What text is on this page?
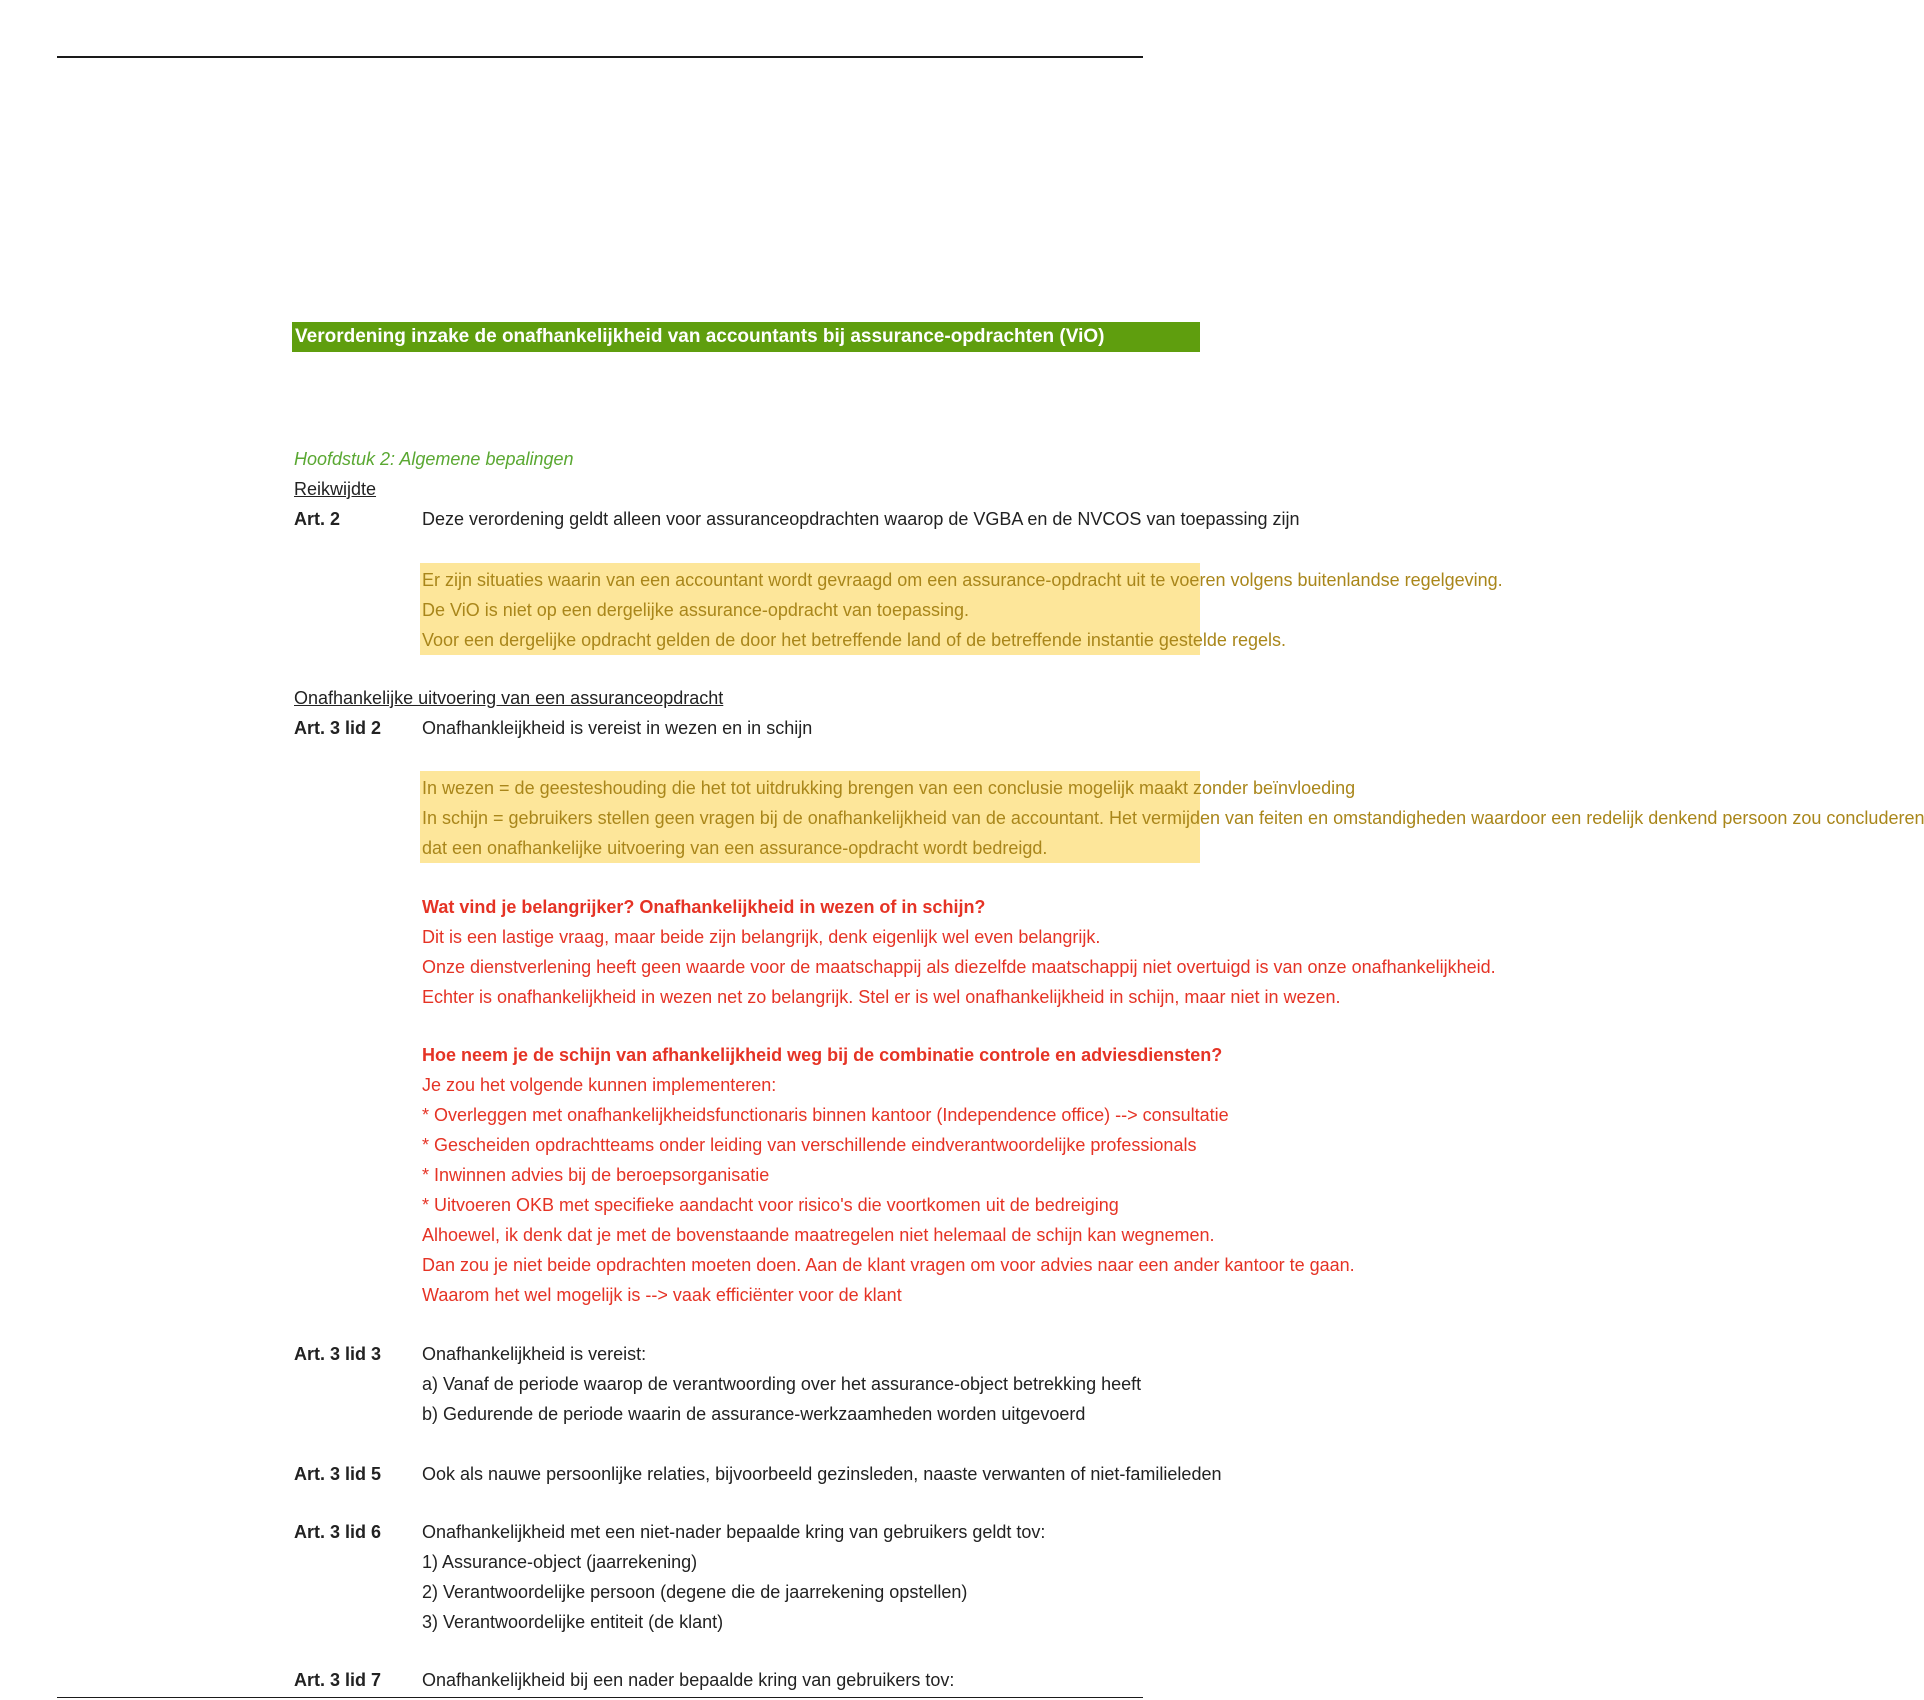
Verordening inzake de onafhankelijkheid van accountants bij assurance-opdrachten (ViO)
Hoofdstuk 2: Algemene bepalingen
Reikwijdte
Art. 2	Deze verordening geldt alleen voor assuranceopdrachten waarop de VGBA en de NVCOS van toepassing zijn
Er zijn situaties waarin van een accountant wordt gevraagd om een assurance-opdracht uit te voeren volgens buitenlandse regelgeving.
De ViO is niet op een dergelijke assurance-opdracht van toepassing.
Voor een dergelijke opdracht gelden de door het betreffende land of de betreffende instantie gestelde regels.
Onafhankelijke uitvoering van een assuranceopdracht
Art. 3 lid 2 Onafhankleijkheid is vereist in wezen en in schijn
In wezen = de geesteshouding die het tot uitdrukking brengen van een conclusie mogelijk maakt zonder beïnvloeding
In schijn = gebruikers stellen geen vragen bij de onafhankelijkheid van de accountant. Het vermijden van feiten en omstandigheden waardoor een redelijk denkend persoon zou concluderen
dat een onafhankelijke uitvoering van een assurance-opdracht wordt bedreigd.
Wat vind je belangrijker? Onafhankelijkheid in wezen of in schijn?
Dit is een lastige vraag, maar beide zijn belangrijk, denk eigenlijk wel even belangrijk.
Onze dienstverlening heeft geen waarde voor de maatschappij als diezelfde maatschappij niet overtuigd is van onze onafhankelijkheid.
Echter is onafhankelijkheid in wezen net zo belangrijk. Stel er is wel onafhankelijkheid in schijn, maar niet in wezen.
Hoe neem je de schijn van afhankelijkheid weg bij de combinatie controle en adviesdiensten?
Je zou het volgende kunnen implementeren:
* Overleggen met onafhankelijkheidsfunctionaris binnen kantoor (Independence office) --> consultatie
* Gescheiden opdrachtteams onder leiding van verschillende eindverantwoordelijke professionals
* Inwinnen advies bij de beroepsorganisatie
* Uitvoeren OKB met specifieke aandacht voor risico's die voortkomen uit de bedreiging
Alhoewel, ik denk dat je met de bovenstaande maatregelen niet helemaal de schijn kan wegnemen.
Dan zou je niet beide opdrachten moeten doen. Aan de klant vragen om voor advies naar een ander kantoor te gaan.
Waarom het wel mogelijk is --> vaak efficiënter voor de klant
Art. 3 lid 3 Onafhankelijkheid is vereist:
a) Vanaf de periode waarop de verantwoording over het assurance-object betrekking heeft
b) Gedurende de periode waarin de assurance-werkzaamheden worden uitgevoerd
Art. 3 lid 5 Ook als nauwe persoonlijke relaties, bijvoorbeeld gezinsleden, naaste verwanten of niet-familieleden
Art. 3 lid 6 Onafhankelijkheid met een niet-nader bepaalde kring van gebruikers geldt tov:
1) Assurance-object (jaarrekening)
2) Verantwoordelijke persoon (degene die de jaarrekening opstellen)
3) Verantwoordelijke entiteit (de klant)
Art. 3 lid 7 Onafhankelijkheid bij een nader bepaalde kring van gebruikers tov:
